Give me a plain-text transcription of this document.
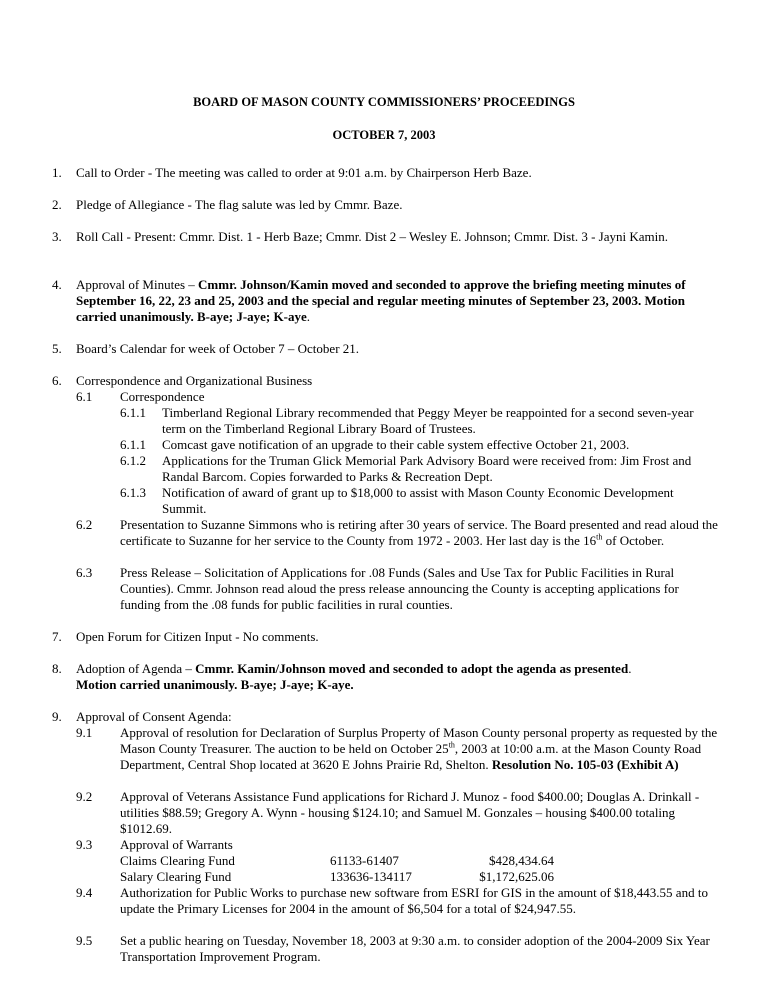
BOARD OF MASON COUNTY COMMISSIONERS’ PROCEEDINGS
OCTOBER 7, 2003
1. Call to Order - The meeting was called to order at 9:01 a.m. by Chairperson Herb Baze.
2. Pledge of Allegiance - The flag salute was led by Cmmr. Baze.
3. Roll Call - Present: Cmmr. Dist. 1 - Herb Baze; Cmmr. Dist 2 – Wesley E. Johnson; Cmmr. Dist. 3 - Jayni Kamin.
4. Approval of Minutes – Cmmr. Johnson/Kamin moved and seconded to approve the briefing meeting minutes of September 16, 22, 23 and 25, 2003 and the special and regular meeting minutes of September 23, 2003. Motion carried unanimously. B-aye; J-aye; K-aye.
5. Board’s Calendar for week of October 7 – October 21.
6. Correspondence and Organizational Business
6.1 Correspondence
6.1.1 Timberland Regional Library recommended that Peggy Meyer be reappointed for a second seven-year term on the Timberland Regional Library Board of Trustees.
6.1.1 Comcast gave notification of an upgrade to their cable system effective October 21, 2003.
6.1.2 Applications for the Truman Glick Memorial Park Advisory Board were received from: Jim Frost and Randal Barcom. Copies forwarded to Parks & Recreation Dept.
6.1.3 Notification of award of grant up to $18,000 to assist with Mason County Economic Development Summit.
6.2 Presentation to Suzanne Simmons who is retiring after 30 years of service. The Board presented and read aloud the certificate to Suzanne for her service to the County from 1972 - 2003. Her last day is the 16th of October.
6.3 Press Release – Solicitation of Applications for .08 Funds (Sales and Use Tax for Public Facilities in Rural Counties). Cmmr. Johnson read aloud the press release announcing the County is accepting applications for funding from the .08 funds for public facilities in rural counties.
7. Open Forum for Citizen Input - No comments.
8. Adoption of Agenda – Cmmr. Kamin/Johnson moved and seconded to adopt the agenda as presented.
Motion carried unanimously. B-aye; J-aye; K-aye.
9. Approval of Consent Agenda:
9.1 Approval of resolution for Declaration of Surplus Property of Mason County personal property as requested by the Mason County Treasurer. The auction to be held on October 25th, 2003 at 10:00 a.m. at the Mason County Road Department, Central Shop located at 3620 E Johns Prairie Rd, Shelton. Resolution No. 105-03 (Exhibit A)
9.2 Approval of Veterans Assistance Fund applications for Richard J. Munoz - food $400.00; Douglas A. Drinkall - utilities $88.59; Gregory A. Wynn - housing $124.10; and Samuel M. Gonzales – housing $400.00 totaling $1012.69.
9.3 Approval of Warrants
Claims Clearing Fund	61133-61407	$428,434.64
Salary Clearing Fund	133636-134117	$1,172,625.06
9.4 Authorization for Public Works to purchase new software from ESRI for GIS in the amount of $18,443.55 and to update the Primary Licenses for 2004 in the amount of $6,504 for a total of $24,947.55.
9.5 Set a public hearing on Tuesday, November 18, 2003 at 9:30 a.m. to consider adoption of the 2004-2009 Six Year Transportation Improvement Program.
